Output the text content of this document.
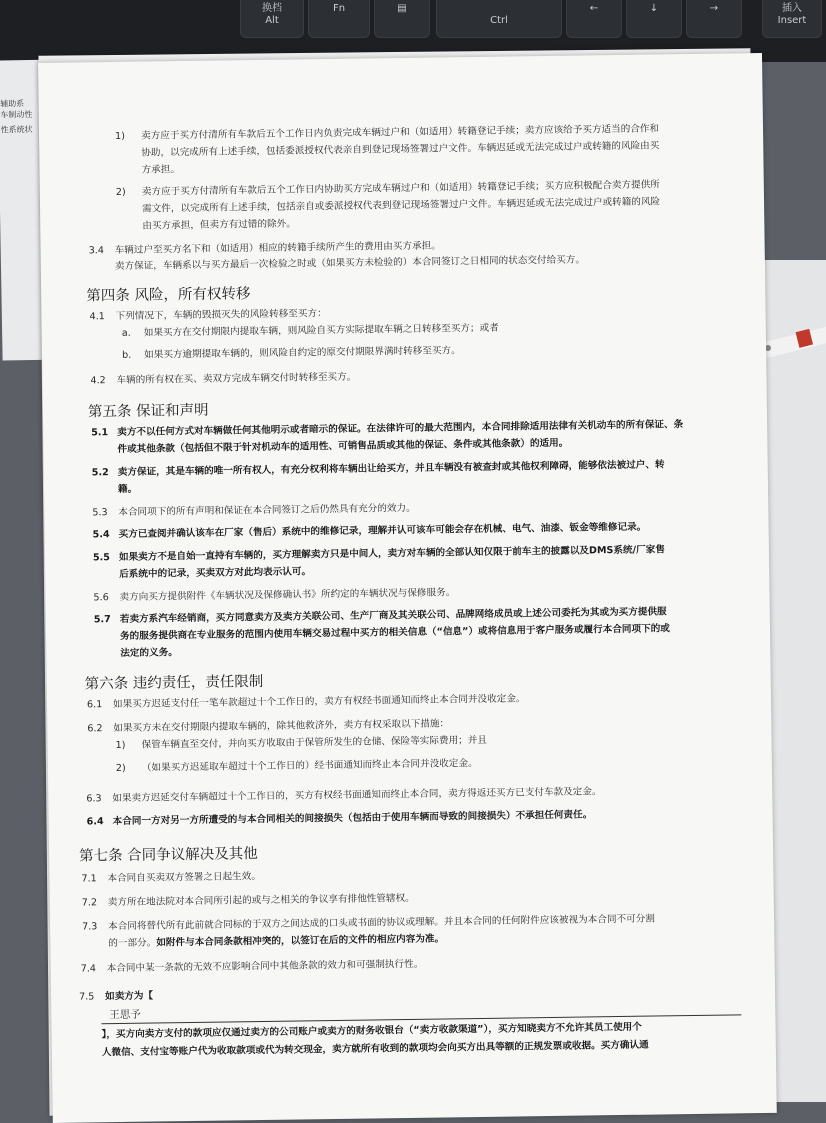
换档
Alt
Fn	▤

Ctrl
←	↓	→	插入
Insert
辅助系
车制动性
性系统状
1) 卖方应于买方付清所有车款后五个工作日内负责完成车辆过户和（如适用）转籍登记手续；卖方应该给予买方适当的合作和
协助，以完成所有上述手续，包括委派授权代表亲自到登记现场签署过户文件。车辆迟延或无法完成过户或转籍的风险由买
方承担。
2) 卖方应于买方付清所有车款后五个工作日内协助买方完成车辆过户和（如适用）转籍登记手续；买方应积极配合卖方提供所
需文件，以完成所有上述手续，包括亲自或委派授权代表到登记现场签署过户文件。车辆迟延或无法完成过户或转籍的风险
由买方承担，但卖方有过错的除外。
3.4 车辆过户至买方名下和（如适用）相应的转籍手续所产生的费用由买方承担。
卖方保证，车辆系以与买方最后一次检验之时或（如果买方未检验的）本合同签订之日相同的状态交付给买方。
第四条 风险，所有权转移
4.1 下列情况下，车辆的毁损灭失的风险转移至买方：
a. 如果买方在交付期限内提取车辆，则风险自买方实际提取车辆之日转移至买方；或者
b. 如果买方逾期提取车辆的，则风险自约定的原交付期限界满时转移至买方。
4.2 车辆的所有权在买、卖双方完成车辆交付时转移至买方。
第五条 保证和声明
5.1 卖方不以任何方式对车辆做任何其他明示或者暗示的保证。在法律许可的最大范围内，本合同排除适用法律有关机动车的所有保证、条
件或其他条款（包括但不限于针对机动车的适用性、可销售品质或其他的保证、条件或其他条款）的适用。
5.2 卖方保证，其是车辆的唯一所有权人，有充分权利将车辆出让给买方，并且车辆没有被查封或其他权利障碍，能够依法被过户、转
籍。
5.3 本合同项下的所有声明和保证在本合同签订之后仍然具有充分的效力。
5.4 买方已查阅并确认该车在厂家（售后）系统中的维修记录，理解并认可该车可能会存在机械、电气、油漆、钣金等维修记录。
5.5 如果卖方不是自始一直持有车辆的，买方理解卖方只是中间人，卖方对车辆的全部认知仅限于前车主的披露以及DMS系统/厂家售
后系统中的记录，买卖双方对此均表示认可。
5.6 卖方向买方提供附件《车辆状况及保修确认书》所约定的车辆状况与保修服务。
5.7 若卖方系汽车经销商，买方同意卖方及卖方关联公司、生产厂商及其关联公司、品牌网络成员或上述公司委托为其或为买方提供服
务的服务提供商在专业服务的范围内使用车辆交易过程中买方的相关信息（“信息”）或将信息用于客户服务或履行本合同项下的或
法定的义务。
第六条 违约责任，责任限制
6.1 如果买方迟延支付任一笔车款超过十个工作日的，卖方有权经书面通知而终止本合同并没收定金。
6.2 如果买方未在交付期限内提取车辆的，除其他救济外，卖方有权采取以下措施：
1) 保管车辆直至交付，并向买方收取由于保管所发生的仓储、保险等实际费用；并且
2) （如果买方迟延取车超过十个工作日的）经书面通知而终止本合同并没收定金。
6.3 如果卖方迟延交付车辆超过十个工作日的，买方有权经书面通知而终止本合同，卖方得返还买方已支付车款及定金。
6.4 本合同一方对另一方所遭受的与本合同相关的间接损失（包括由于使用车辆而导致的间接损失）不承担任何责任。
第七条 合同争议解决及其他
7.1 本合同自买卖双方签署之日起生效。
7.2 卖方所在地法院对本合同所引起的或与之相关的争议享有排他性管辖权。
7.3 本合同将替代所有此前就合同标的于双方之间达成的口头或书面的协议或理解。并且本合同的任何附件应该被视为本合同不可分割
的一部分。如附件与本合同条款相冲突的，以签订在后的文件的相应内容为准。
7.4 本合同中某一条款的无效不应影响合同中其他条款的效力和可强制执行性。
7.5 如卖方为【
王思予
】，买方向卖方支付的款项应仅通过卖方的公司账户或卖方的财务收银台（“卖方收款渠道”），买方知晓卖方不允许其员工使用个
人微信、支付宝等账户代为收取款项或代为转交现金，卖方就所有收到的款项均会向买方出具等额的正规发票或收据。买方确认通
